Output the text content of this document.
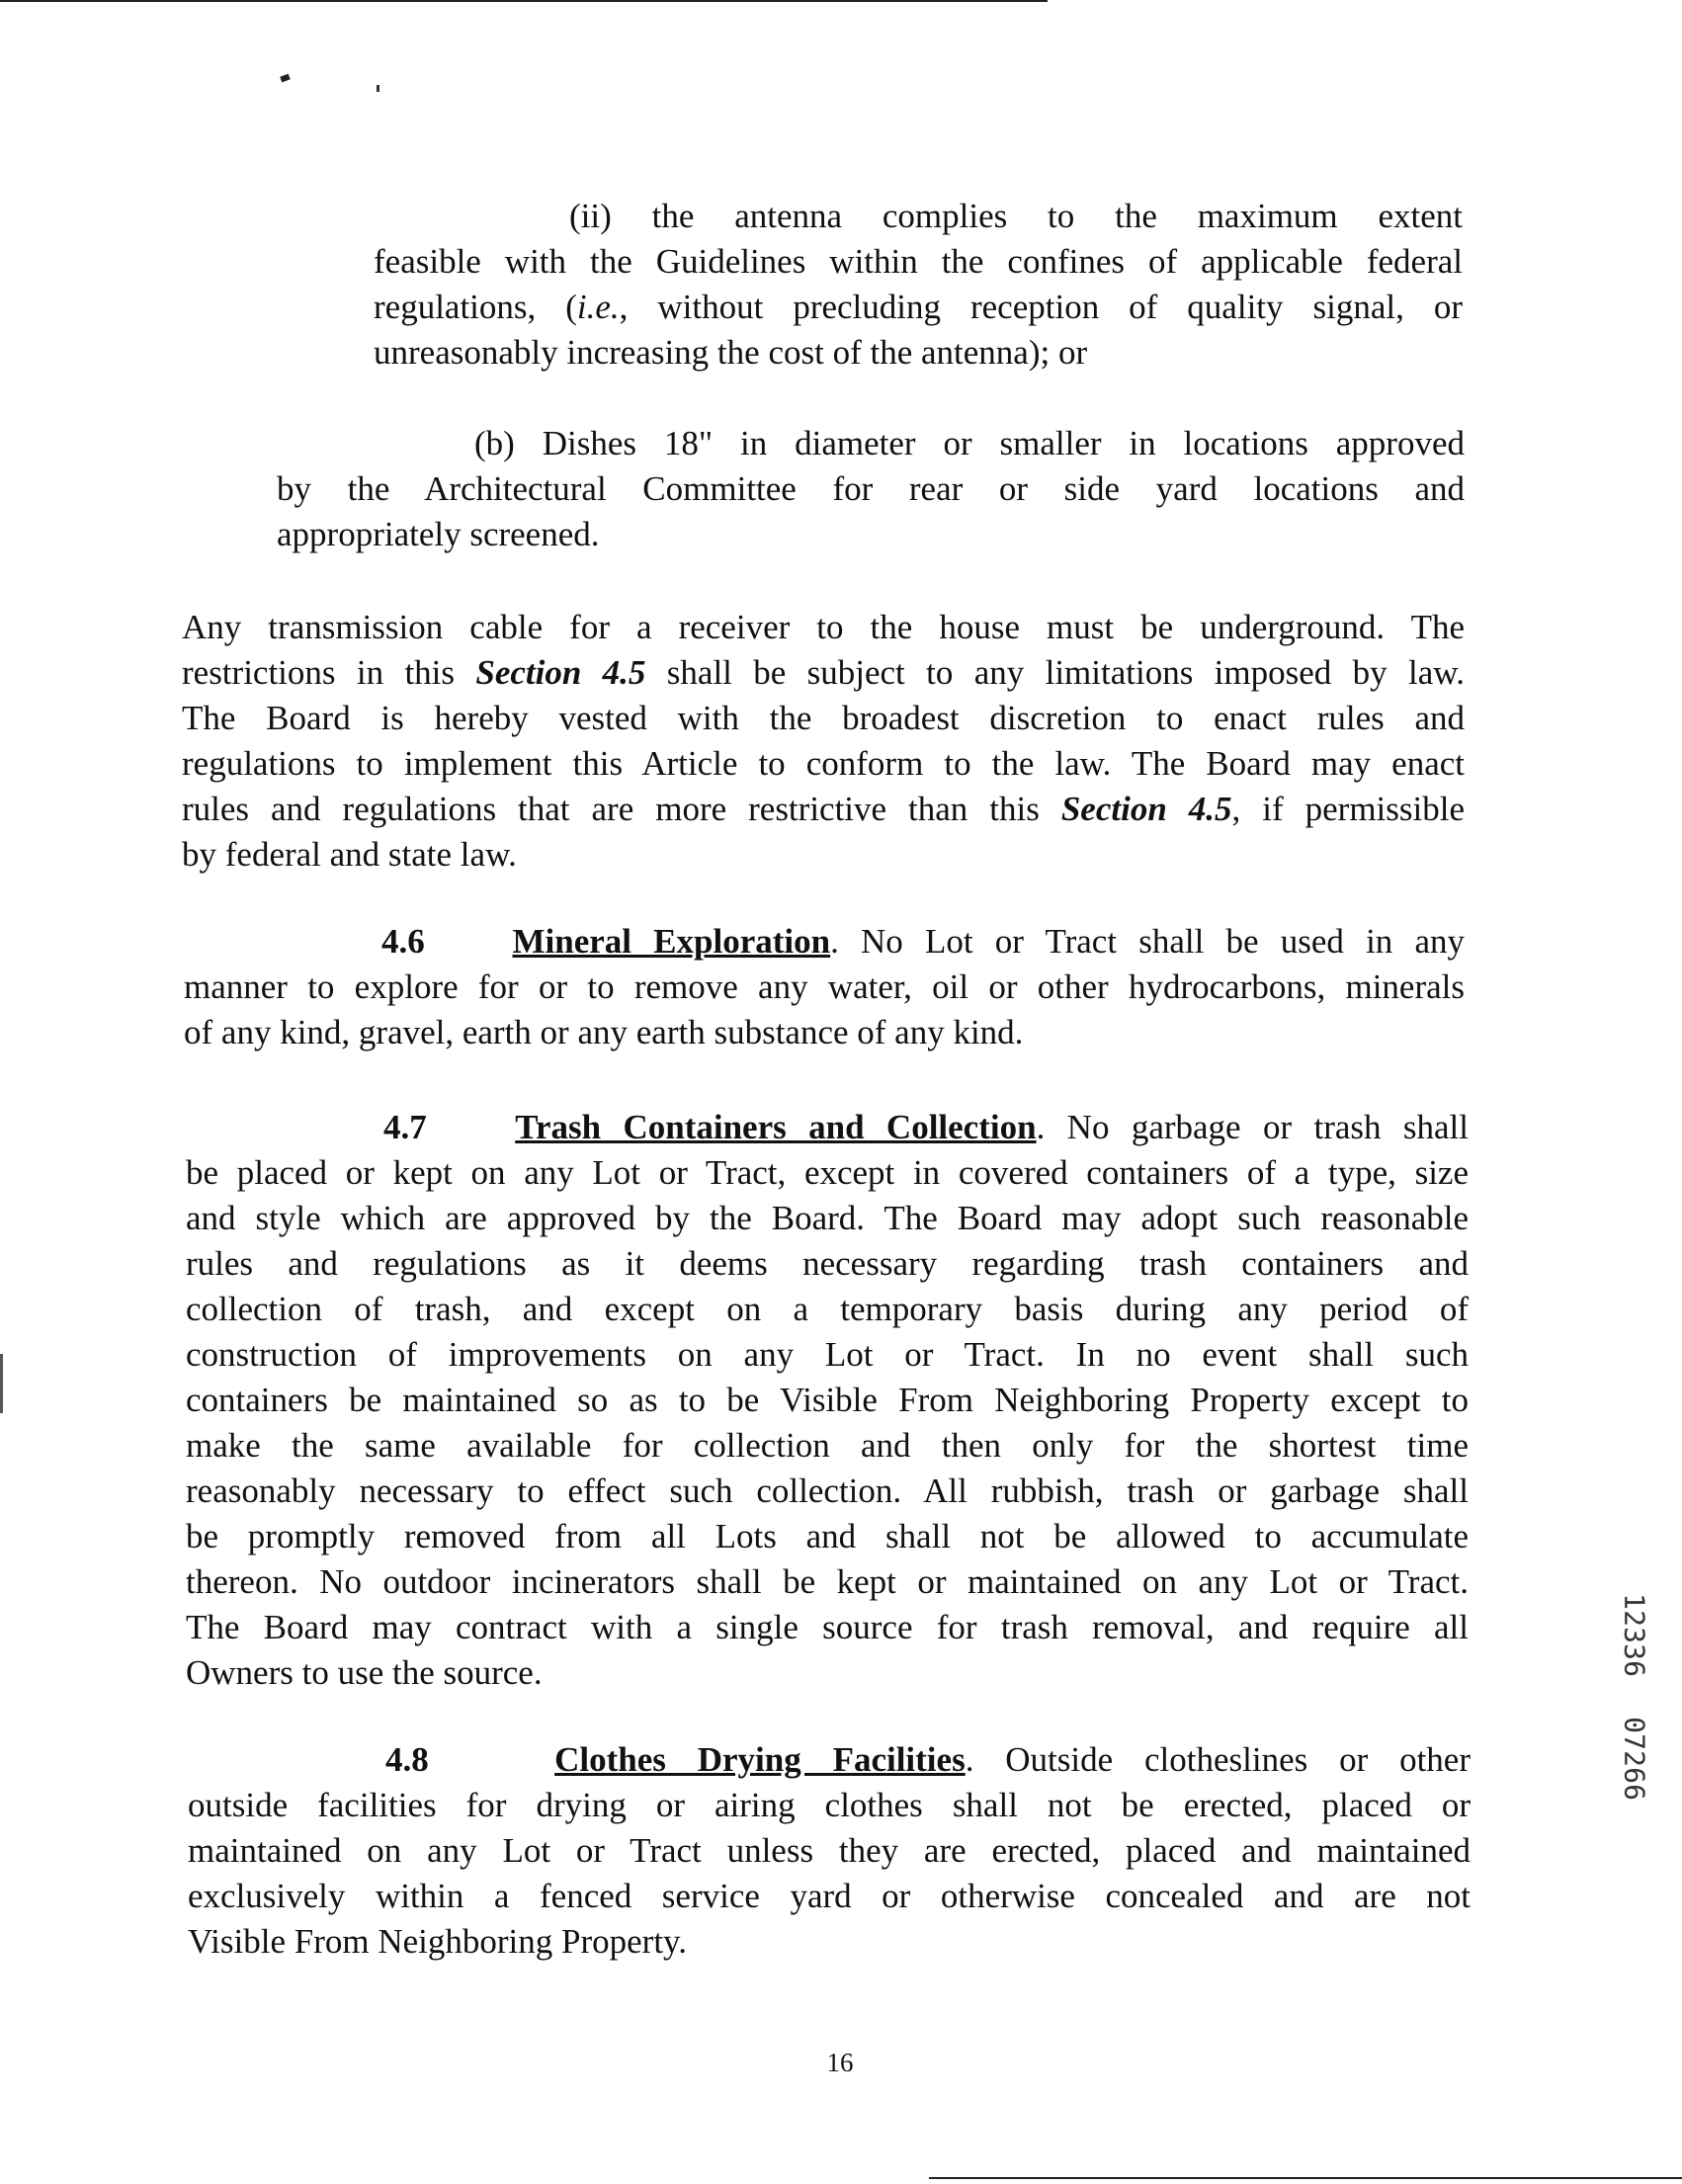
(ii) the antenna complies to the maximum extent
feasible with the Guidelines within the confines of applicable federal
regulations, (i.e., without precluding reception of quality signal, or
unreasonably increasing the cost of the antenna); or
(b) Dishes 18" in diameter or smaller in locations approved
by the Architectural Committee for rear or side yard locations and
appropriately screened.
Any transmission cable for a receiver to the house must be underground. The
restrictions in this Section 4.5 shall be subject to any limitations imposed by law.
The Board is hereby vested with the broadest discretion to enact rules and
regulations to implement this Article to conform to the law. The Board may enact
rules and regulations that are more restrictive than this Section 4.5, if permissible
by federal and state law.
4.6	Mineral Exploration. No Lot or Tract shall be used in any
manner to explore for or to remove any water, oil or other hydrocarbons, minerals
of any kind, gravel, earth or any earth substance of any kind.
4.7	Trash Containers and Collection. No garbage or trash shall
be placed or kept on any Lot or Tract, except in covered containers of a type, size
and style which are approved by the Board. The Board may adopt such reasonable
rules and regulations as it deems necessary regarding trash containers and
collection of trash, and except on a temporary basis during any period of
construction of improvements on any Lot or Tract. In no event shall such
containers be maintained so as to be Visible From Neighboring Property except to
make the same available for collection and then only for the shortest time
reasonably necessary to effect such collection. All rubbish, trash or garbage shall
be promptly removed from all Lots and shall not be allowed to accumulate
thereon. No outdoor incinerators shall be kept or maintained on any Lot or Tract.
The Board may contract with a single source for trash removal, and require all
Owners to use the source.
4.8	Clothes Drying Facilities. Outside clotheslines or other
outside facilities for drying or airing clothes shall not be erected, placed or
maintained on any Lot or Tract unless they are erected, placed and maintained
exclusively within a fenced service yard or otherwise concealed and are not
Visible From Neighboring Property.
16
1
2
3
3
6
0
7
2
6
6
